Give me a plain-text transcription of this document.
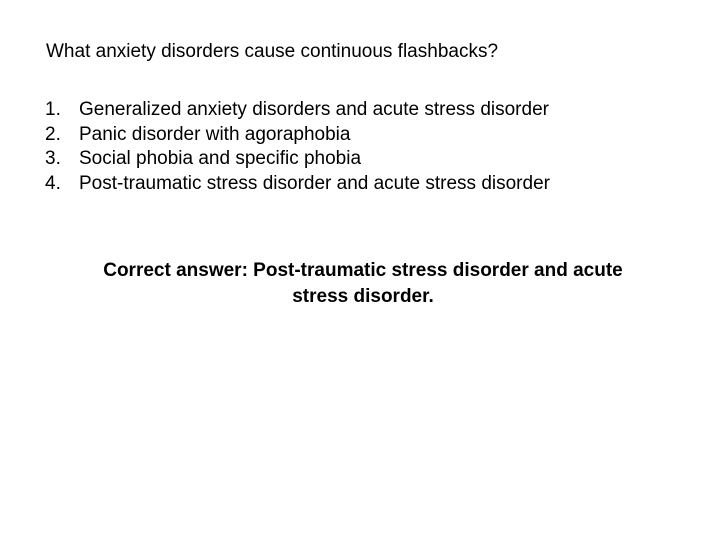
What anxiety disorders cause continuous flashbacks?
1. Generalized anxiety disorders and acute stress disorder
2. Panic disorder with agoraphobia
3. Social phobia and specific phobia
4. Post-traumatic stress disorder and acute stress disorder
Correct answer: Post-traumatic stress disorder and acute
stress disorder.
